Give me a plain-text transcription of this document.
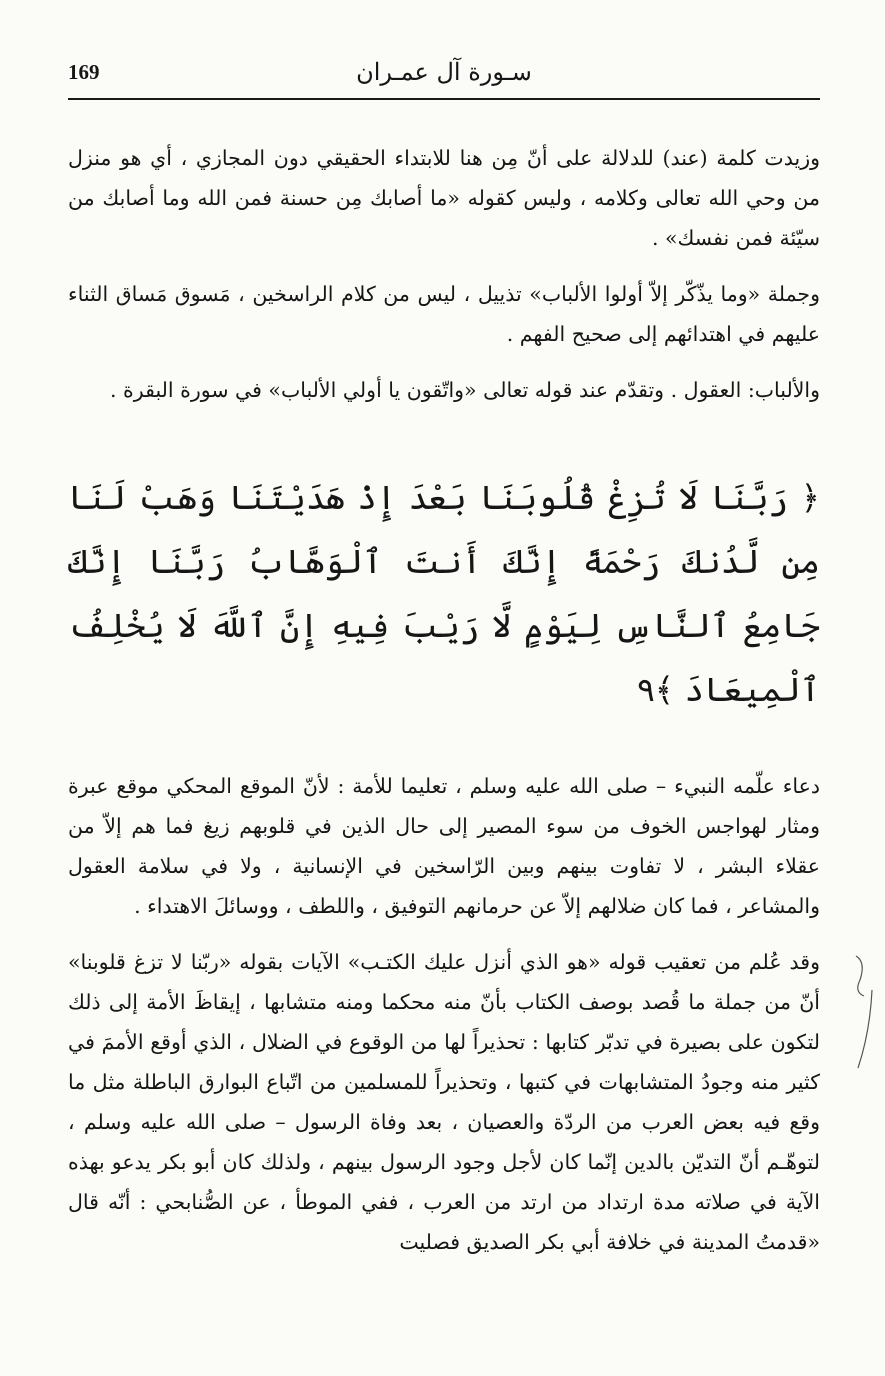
169	سـورة آل عمـران

وزيدت كلمة (عند) للدلالة على أنّ مِن هنا للابتداء الحقيقي دون المجازي ، أي هو منزل من وحي الله تعالى وكلامه ، وليس كقوله «ما أصابك مِن حسنة فمن الله وما أصابك من سيّئة فمن نفسك» .

وجملة «وما يذّكّر إلاّ أولوا الألباب» تذييل ، ليس من كلام الراسخين ، مَسوق مَساق الثناء عليهم في اهتدائهم إلى صحيح الفهم .

والألباب: العقول . وتقدّم عند قوله تعالى «واتّقون يا أولي الألباب» في سورة البقرة .

﴿ رَبَّنَا لَا تُزِغْ قُلُوبَنَا بَعْدَ إِذْ هَدَيْتَنَا وَهَبْ لَنَا مِن لَّدُنكَ رَحْمَةً إِنَّكَ أَنتَ ٱلْوَهَّابُ رَبَّنَا إِنَّكَ جَامِعُ ٱلنَّاسِ لِيَوْمٍ لَّا رَيْبَ فِيهِ إِنَّ ٱللَّهَ لَا يُخْلِفُ ٱلْمِيعَادَ ﴾٩

دعاء علّمه النبيء – صلى الله عليه وسلم ، تعليما للأمة : لأنّ الموقع المحكي موقع عبرة ومثار لهواجس الخوف من سوء المصير إلى حال الذين في قلوبهم زيغ فما هم إلاّ من عقلاء البشر ، لا تفاوت بينهم وبين الرّاسخين في الإنسانية ، ولا في سلامة العقول والمشاعر ، فما كان ضلالهم إلاّ عن حرمانهم التوفيق ، واللطف ، ووسائلَ الاهتداء .

وقد عُلم من تعقيب قوله «هو الذي أنزل عليك الكتـب» الآيات بقوله «ربّنا لا تزغ قلوبنا» أنّ من جملة ما قُصد بوصف الكتاب بأنّ منه محكما ومنه متشابها ، إيقاظَ الأمة إلى ذلك لتكون على بصيرة في تدبّر كتابها : تحذيراً لها من الوقوع في الضلال ، الذي أوقع الأممَ في كثير منه وجودُ المتشابهات في كتبها ، وتحذيراً للمسلمين من اتّباع البوارق الباطلة مثل ما وقع فيه بعض العرب من الردّة والعصيان ، بعد وفاة الرسول – صلى الله عليه وسلم ، لتوهّـم أنّ التديّن بالدين إنّما كان لأجل وجود الرسول بينهم ، ولذلك كان أبو بكر يدعو بهذه الآية في صلاته مدة ارتداد من ارتد من العرب ، ففي الموطأ ، عن الصُّنابحي : أنّه قال «قدمتُ المدينة في خلافة أبي بكر الصديق فصليت
